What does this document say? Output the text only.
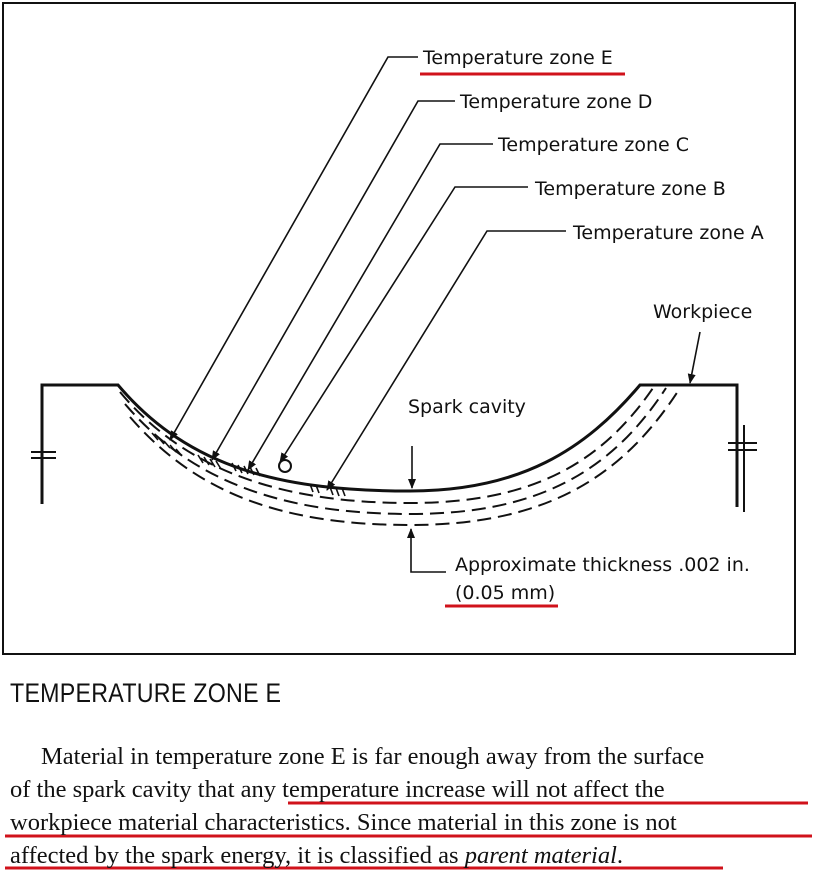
Temperature zone E
Temperature zone D
Temperature zone C
Temperature zone B
Temperature zone A
Workpiece
Spark cavity
Approximate thickness .002 in.
(0.05 mm)
TEMPERATURE ZONE E

Material in temperature zone E is far enough away from the surface
of the spark cavity that any temperature increase will not affect the
workpiece material characteristics. Since material in this zone is not
affected by the spark energy, it is classified as parent material.
